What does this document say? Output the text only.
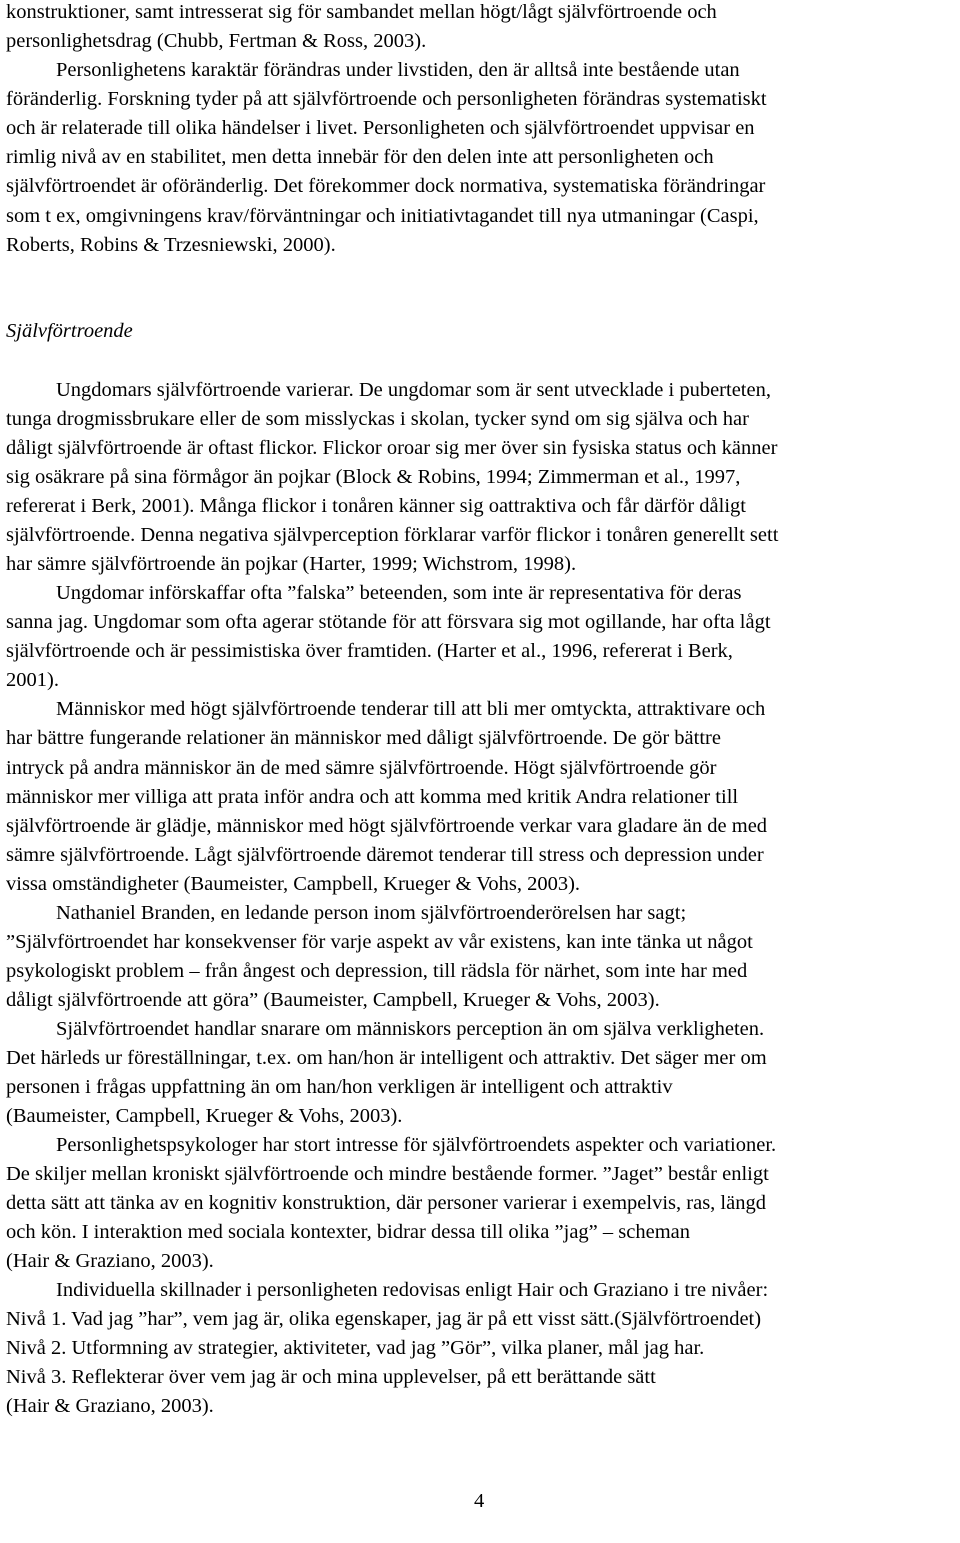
konstruktioner, samt intresserat sig för sambandet mellan högt/lågt självförtroende och
personlighetsdrag (Chubb, Fertman & Ross, 2003).
Personlighetens karaktär förändras under livstiden, den är alltså inte bestående utan
föränderlig. Forskning tyder på att självförtroende och personligheten förändras systematiskt
och är relaterade till olika händelser i livet. Personligheten och självförtroendet uppvisar en
rimlig nivå av en stabilitet, men detta innebär för den delen inte att personligheten och
självförtroendet är oföränderlig. Det förekommer dock normativa, systematiska förändringar
som t ex, omgivningens krav/förväntningar och initiativtagandet till nya utmaningar (Caspi,
Roberts, Robins & Trzesniewski, 2000).
Självförtroende
Ungdomars självförtroende varierar. De ungdomar som är sent utvecklade i puberteten,
tunga drogmissbrukare eller de som misslyckas i skolan, tycker synd om sig själva och har
dåligt självförtroende är oftast flickor. Flickor oroar sig mer över sin fysiska status och känner
sig osäkrare på sina förmågor än pojkar (Block & Robins, 1994; Zimmerman et al., 1997,
refererat i Berk, 2001). Många flickor i tonåren känner sig oattraktiva och får därför dåligt
självförtroende. Denna negativa självperception förklarar varför flickor i tonåren generellt sett
har sämre självförtroende än pojkar (Harter, 1999; Wichstrom, 1998).
Ungdomar införskaffar ofta ”falska” beteenden, som inte är representativa för deras
sanna jag. Ungdomar som ofta agerar stötande för att försvara sig mot ogillande, har ofta lågt
självförtroende och är pessimistiska över framtiden. (Harter et al., 1996, refererat i Berk,
2001).
Människor med högt självförtroende tenderar till att bli mer omtyckta, attraktivare och
har bättre fungerande relationer än människor med dåligt självförtroende. De gör bättre
intryck på andra människor än de med sämre självförtroende. Högt självförtroende gör
människor mer villiga att prata inför andra och att komma med kritik Andra relationer till
självförtroende är glädje, människor med högt självförtroende verkar vara gladare än de med
sämre självförtroende. Lågt självförtroende däremot tenderar till stress och depression under
vissa omständigheter (Baumeister, Campbell, Krueger & Vohs, 2003).
Nathaniel Branden, en ledande person inom självförtroenderörelsen har sagt;
”Självförtroendet har konsekvenser för varje aspekt av vår existens, kan inte tänka ut något
psykologiskt problem – från ångest och depression, till rädsla för närhet, som inte har med
dåligt självförtroende att göra” (Baumeister, Campbell, Krueger & Vohs, 2003).
Självförtroendet handlar snarare om människors perception än om själva verkligheten.
Det härleds ur föreställningar, t.ex. om han/hon är intelligent och attraktiv. Det säger mer om
personen i frågas uppfattning än om han/hon verkligen är intelligent och attraktiv
(Baumeister, Campbell, Krueger & Vohs, 2003).
Personlighetspsykologer har stort intresse för självförtroendets aspekter och variationer.
De skiljer mellan kroniskt självförtroende och mindre bestående former. ”Jaget” består enligt
detta sätt att tänka av en kognitiv konstruktion, där personer varierar i exempelvis, ras, längd
och kön. I interaktion med sociala kontexter, bidrar dessa till olika ”jag” – scheman
(Hair & Graziano, 2003).
Individuella skillnader i personligheten redovisas enligt Hair och Graziano i tre nivåer:
Nivå 1. Vad jag ”har”, vem jag är, olika egenskaper, jag är på ett visst sätt.(Självförtroendet)
Nivå 2. Utformning av strategier, aktiviteter, vad jag ”Gör”, vilka planer, mål jag har.
Nivå 3. Reflekterar över vem jag är och mina upplevelser, på ett berättande sätt
(Hair & Graziano, 2003).
4
